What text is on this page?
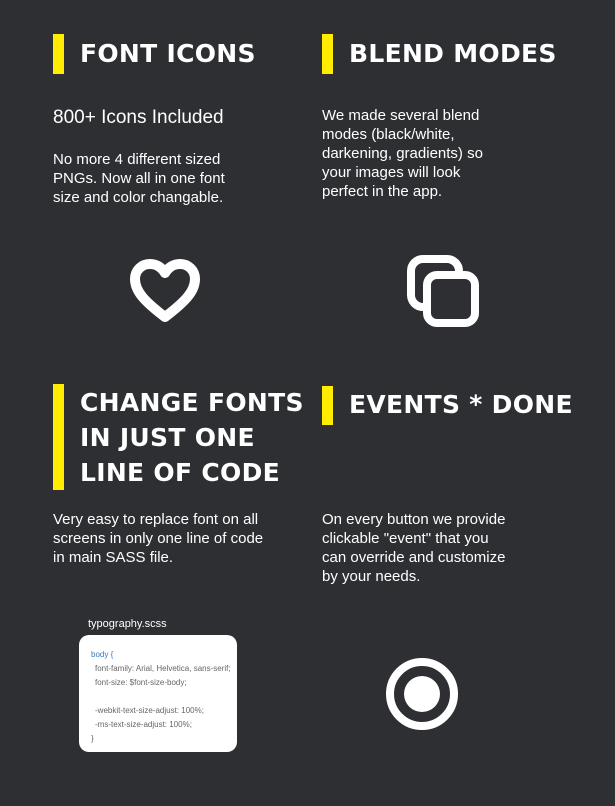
FONT ICONS
800+ Icons Included
No more 4 different sized
PNGs. Now all in one font
size and color changable.
BLEND MODES
We made several blend
modes (black/white,
darkening, gradients) so
your images will look
perfect in the app.
CHANGE FONTS
IN JUST ONE
LINE OF CODE
Very easy to replace font on all
screens in only one line of code
in main SASS file.
typography.scss
body {
font-family: Arial, Helvetica, sans-serif;
font-size: $font-size-body;
-webkit-text-size-adjust: 100%;
-ms-text-size-adjust: 100%;
}
EVENTS * DONE
On every button we provide
clickable "event" that you
can override and customize
by your needs.
